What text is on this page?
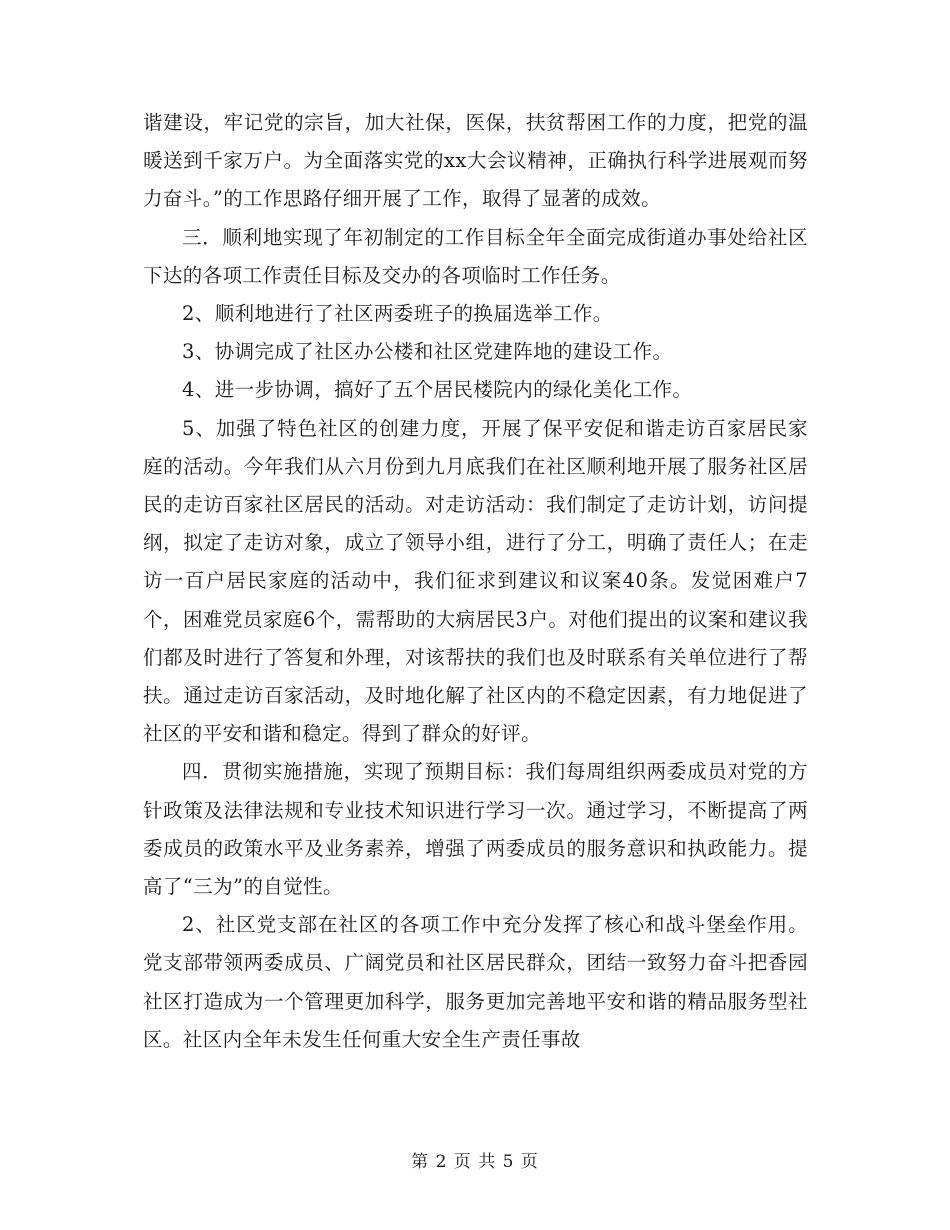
谐建设，牢记党的宗旨，加大社保，医保，扶贫帮困工作的力度，把党的温暖送到千家万户。为全面落实党的xx大会议精神，正确执行科学进展观而努力奋斗。”的工作思路仔细开展了工作，取得了显著的成效。

三．顺利地实现了年初制定的工作目标全年全面完成街道办事处给社区下达的各项工作责任目标及交办的各项临时工作任务。

2、顺利地进行了社区两委班子的换届选举工作。

3、协调完成了社区办公楼和社区党建阵地的建设工作。

4、进一步协调，搞好了五个居民楼院内的绿化美化工作。

5、加强了特色社区的创建力度，开展了保平安促和谐走访百家居民家庭的活动。今年我们从六月份到九月底我们在社区顺利地开展了服务社区居民的走访百家社区居民的活动。对走访活动：我们制定了走访计划，访问提纲，拟定了走访对象，成立了领导小组，进行了分工，明确了责任人；在走访一百户居民家庭的活动中，我们征求到建议和议案40条。发觉困难户7个，困难党员家庭6个，需帮助的大病居民3户。对他们提出的议案和建议我们都及时进行了答复和外理，对该帮扶的我们也及时联系有关单位进行了帮扶。通过走访百家活动，及时地化解了社区内的不稳定因素，有力地促进了社区的平安和谐和稳定。得到了群众的好评。

四．贯彻实施措施，实现了预期目标：我们每周组织两委成员对党的方针政策及法律法规和专业技术知识进行学习一次。通过学习，不断提高了两委成员的政策水平及业务素养，增强了两委成员的服务意识和执政能力。提高了“三为”的自觉性。

2、社区党支部在社区的各项工作中充分发挥了核心和战斗堡垒作用。党支部带领两委成员、广阔党员和社区居民群众，团结一致努力奋斗把香园社区打造成为一个管理更加科学，服务更加完善地平安和谐的精品服务型社区。社区内全年未发生任何重大安全生产责任事故

第 2 页 共 5 页
